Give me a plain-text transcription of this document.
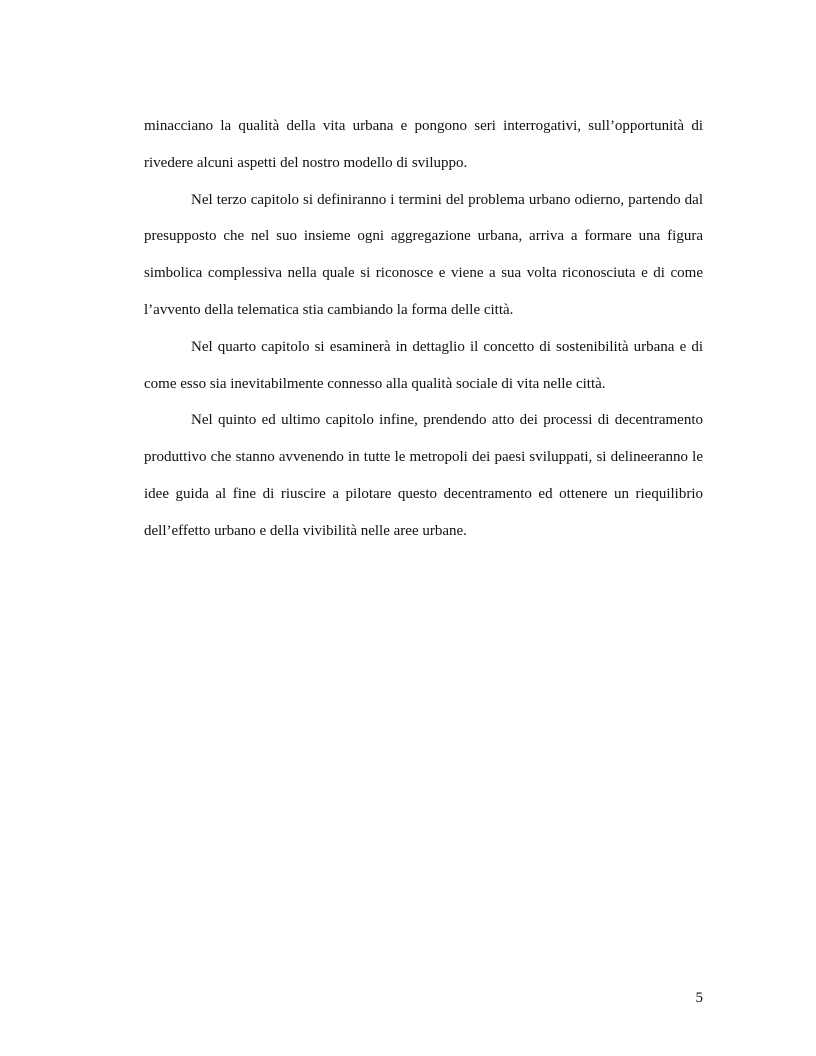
minacciano la qualità della vita urbana e pongono seri interrogativi, sull’opportunità di rivedere alcuni aspetti del nostro modello di sviluppo.

Nel terzo capitolo si definiranno i termini del problema urbano odierno, partendo dal presupposto che nel suo insieme ogni aggregazione urbana, arriva a formare una figura simbolica complessiva nella quale si riconosce e viene a sua volta riconosciuta e di come l’avvento della telematica stia cambiando la forma delle città.

Nel quarto capitolo si esaminerà in dettaglio il concetto di sostenibilità urbana e di come esso sia inevitabilmente connesso alla qualità sociale di vita nelle città.

Nel quinto ed ultimo capitolo infine, prendendo atto dei processi di decentramento produttivo che stanno avvenendo in tutte le metropoli dei paesi sviluppati, si delineeranno le idee guida al fine di riuscire a pilotare questo decentramento ed ottenere un riequilibrio dell’effetto urbano e della vivibilità nelle aree urbane.

5
